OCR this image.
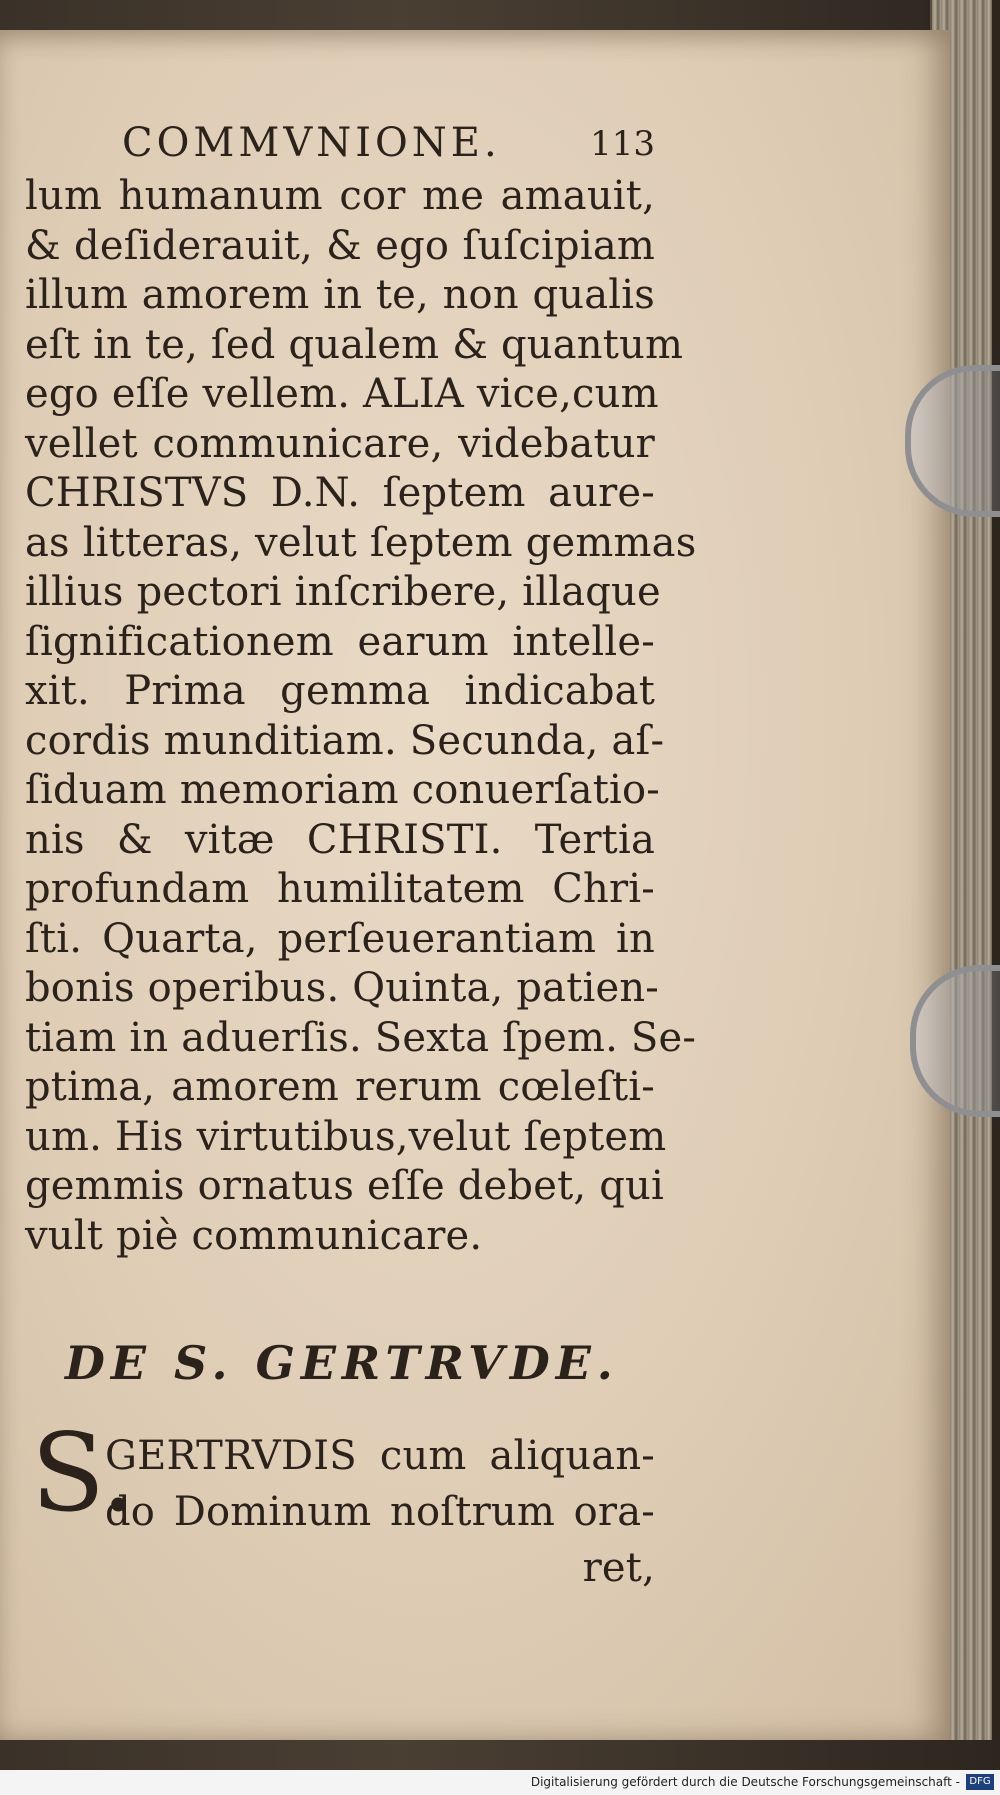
COMMVNIONE.	113
lum humanum cor me amauit,
& deſiderauit, & ego ſuſcipiam
illum amorem in te, non qualis
eſt in te, ſed qualem & quantum
ego eſſe vellem. ALIA vice,cum
vellet communicare, videbatur
CHRISTVS D.N. ſeptem aure-
as litteras, velut ſeptem gemmas
illius pectori inſcribere, illaque
ſignificationem earum intelle-
xit. Prima gemma indicabat
cordis munditiam. Secunda, aſ-
ſiduam memoriam conuerſatio-
nis & vitæ CHRISTI. Tertia
profundam humilitatem Chri-
ſti. Quarta, perſeuerantiam in
bonis operibus. Quinta, patien-
tiam in aduerſis. Sexta ſpem. Se-
ptima, amorem rerum cœleſti-
um. His virtutibus,velut ſeptem
gemmis ornatus eſſe debet, qui
vult piè communicare.
DE S. GERTRVDE.
S.
GERTRVDIS cum aliquan-
do Dominum noſtrum ora-
ret,
Digitalisierung gefördert durch die Deutsche Forschungsgemeinschaft - DFG
